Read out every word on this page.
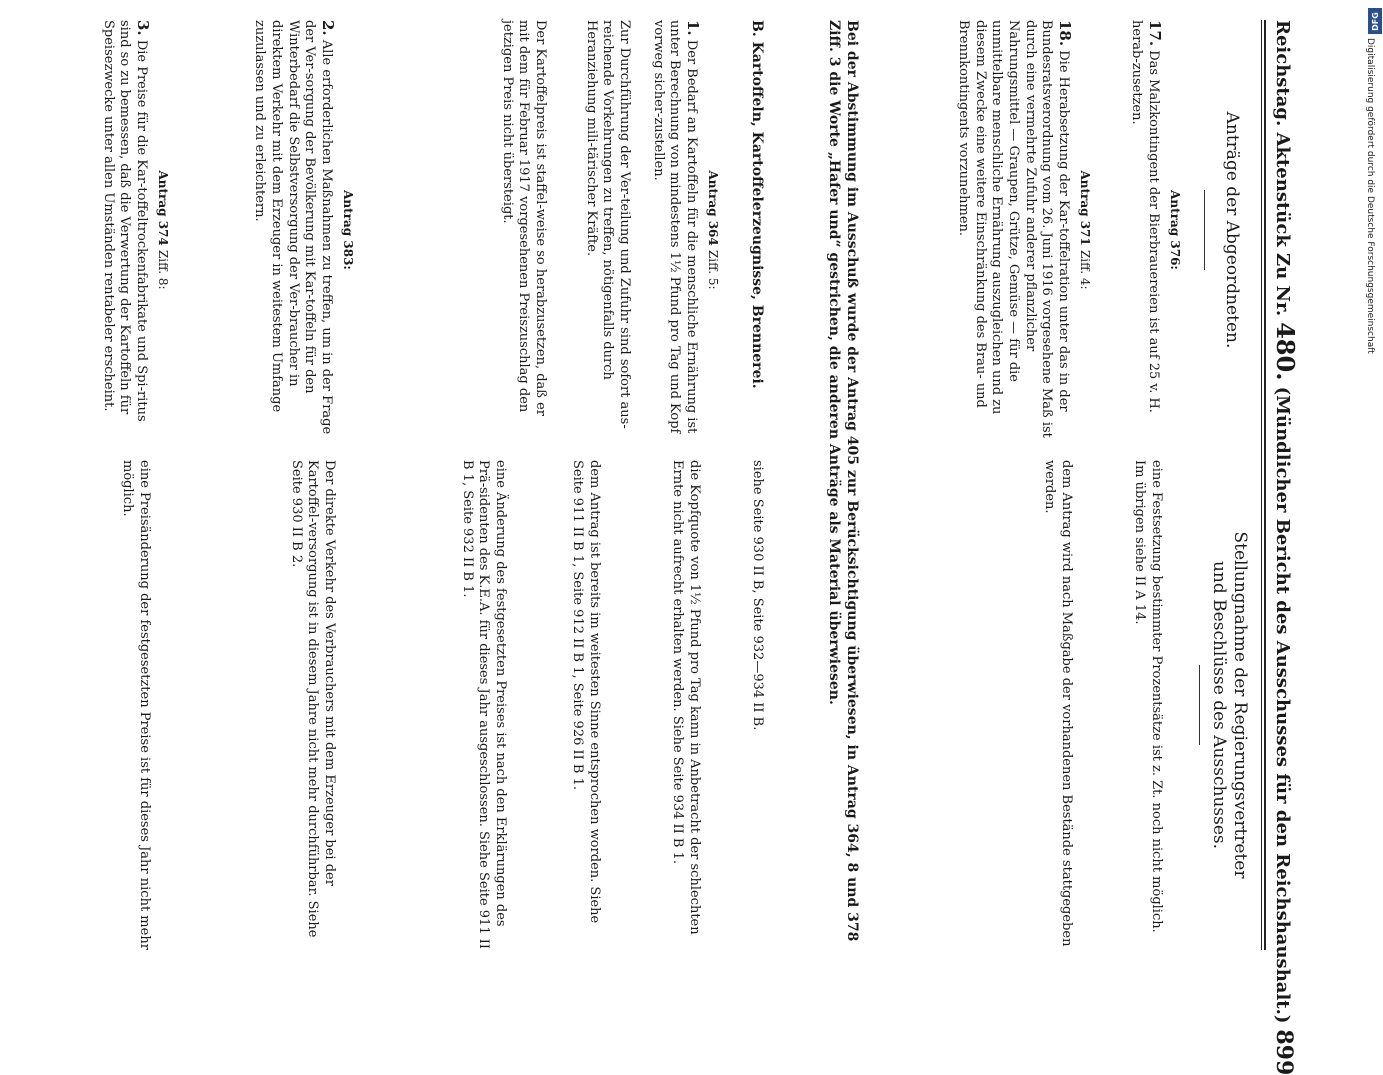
Reichstag. Aktenstück Zu Nr.
480.
(Mündlicher Bericht des Ausschusses für den Reichshaushalt.)
899
Anträge der Abgeordneten.
Stellungnahme der Regierungsvertreter
und Beschlüsse des Ausschusses.
Antrag 376:
17. Das Malzkontingent der Bierbrauereien ist auf 25 v. H. herab-zusetzen.
eine Festsetzung bestimmter Prozentsätze ist z. Zt. noch nicht möglich. Im übrigen siehe II A 14.
Antrag 371 Ziff. 4:
18. Die Herabsetzung der Kar-toffelration unter das in der Bundesratsverordnung vom 26. Juni 1916 vorgesehene Maß ist durch eine vermehrte Zufuhr anderer pflanzlicher Nahrungsmittel — Graupen, Grütze, Gemüse — für die unmittelbare menschliche Ernährung auszugleichen und zu diesem Zwecke eine weitere Einschränkung des Brau- und Brennkontingents vorzunehmen.
dem Antrag wird nach Maßgabe der vorhandenen Bestände stattgegeben werden.
Bei der Abstimmung im Ausschuß wurde der Antrag 405 zur Berücksichtigung überwiesen, in Antrag 364, 8 und 378 Ziff. 3 die Worte „Hafer und“ gestrichen, die anderen Anträge als Material überwiesen.
B. Kartoffeln, Kartoffelerzeugnisse, Brennerei.
siehe Seite 930 II B, Seite 932—934 II B.
Antrag 364 Ziff. 5:
1. Der Bedarf an Kartoffeln für die menschliche Ernährung ist unter Berechnung von mindestens 1½ Pfund pro Tag und Kopf vorweg sicher-zustellen.
die Kopfquote von 1½ Pfund pro Tag kann in Anbetracht der schlechten Ernte nicht aufrecht erhalten werden. Siehe Seite 934 II B 1.
Zur Durchführung der Ver-teilung und Zufuhr sind sofort aus-reichende Vorkehrungen zu treffen, nötigenfalls durch Heranziehung mili-tärischer Kräfte.
dem Antrag ist bereits im weitesten Sinne entsprochen worden. Siehe Seite 911 II B 1, Seite 912 II B 1, Seite 926 II B 1.
Der Kartoffelpreis ist staffel-weise so herabzusetzen, daß er mit dem für Februar 1917 vorgesehenen Preiszuschlag den jetzigen Preis nicht übersteigt.
eine Änderung des festgesetzten Preises ist nach den Erklärungen des Prä-sidenten des K.E.A. für dieses Jahr ausgeschlossen. Siehe Seite 911 II B 1, Seite 932 II B 1.
Antrag 383:
2. Alle erforderlichen Maßnahmen zu treffen, um in der Frage der Ver-sorgung der Bevölkerung mit Kar-toffeln für den Winterbedarf die Selbstversorgung der Ver-braucher in direktem Verkehr mit dem Erzeuger in weitestem Umfange zuzulassen und zu erleichtern.
Der direkte Verkehr des Verbrauchers mit dem Erzeuger bei der Kartoffel-versorgung ist in diesem Jahre nicht mehr durchführbar. Siehe Seite 930 II B 2.
Antrag 374 Ziff. 8:
3. Die Preise für die Kar-toffeltrockenfabrikate und Spi-ritus sind so zu bemessen, daß die Verwertung der Kartoffeln für Speisezwecke unter allen Umständen rentabeler erscheint.
eine Preisänderung der festgesetzten Preise ist für dieses Jahr nicht mehr möglich.
DFG
Digitalisierung gefördert durch die Deutsche Forschungsgemeinschaft
